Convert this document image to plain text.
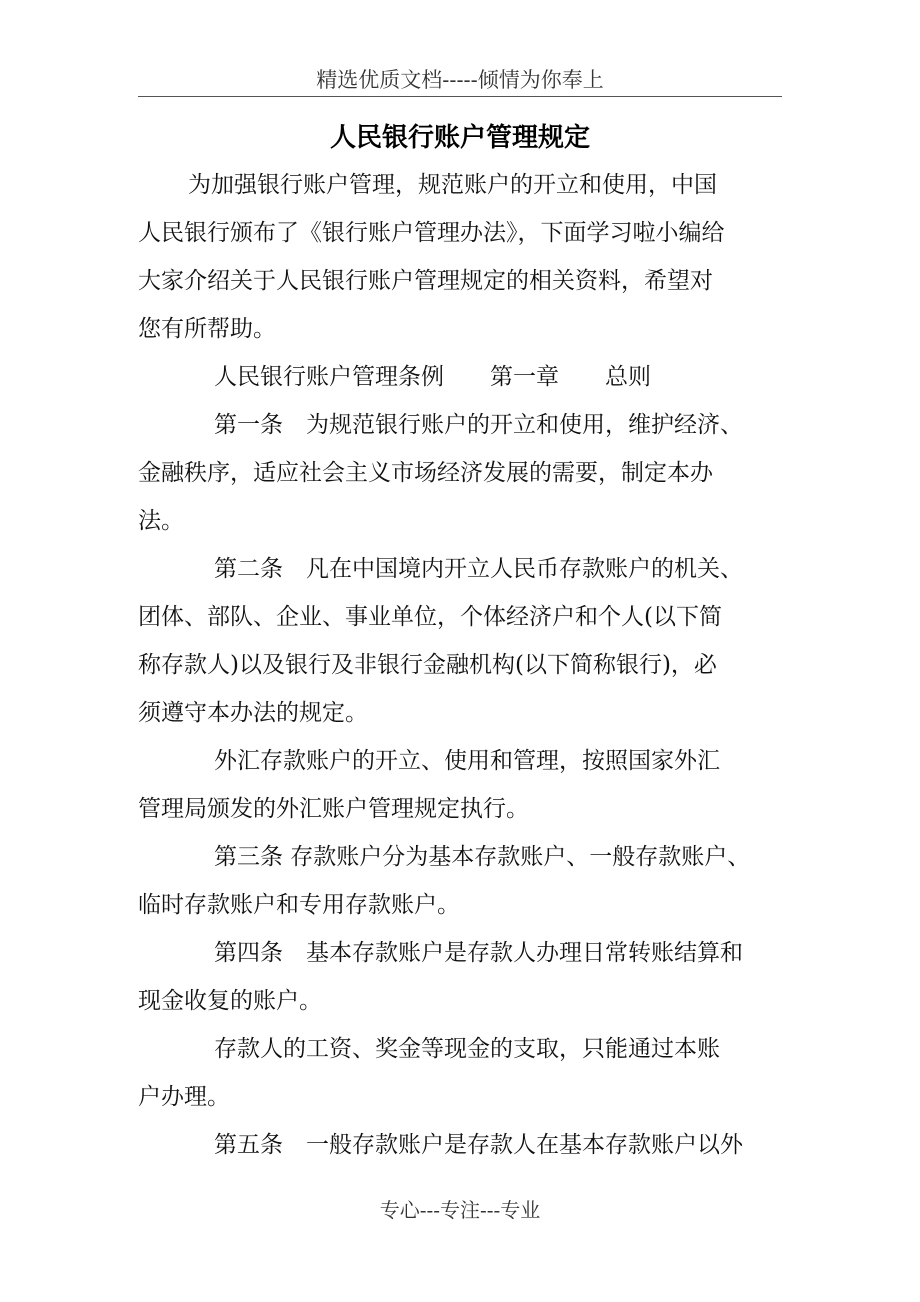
精选优质文档-----倾情为你奉上
人民银行账户管理规定
为加强银行账户管理，规范账户的开立和使用，中国
人民银行颁布了《银行账户管理办法》，下面学习啦小编给
大家介绍关于人民银行账户管理规定的相关资料，希望对
您有所帮助。
人民银行账户管理条例　　第一章　　总则
第一条　为规范银行账户的开立和使用，维护经济、
金融秩序，适应社会主义市场经济发展的需要，制定本办
法。
第二条　凡在中国境内开立人民币存款账户的机关、
团体、部队、企业、事业单位，个体经济户和个人(以下简
称存款人)以及银行及非银行金融机构(以下简称银行)，必
须遵守本办法的规定。
外汇存款账户的开立、使用和管理，按照国家外汇
管理局颁发的外汇账户管理规定执行。
第三条 存款账户分为基本存款账户、一般存款账户、
临时存款账户和专用存款账户。
第四条　基本存款账户是存款人办理日常转账结算和
现金收复的账户。
存款人的工资、奖金等现金的支取，只能通过本账
户办理。
第五条　一般存款账户是存款人在基本存款账户以外
专心---专注---专业
